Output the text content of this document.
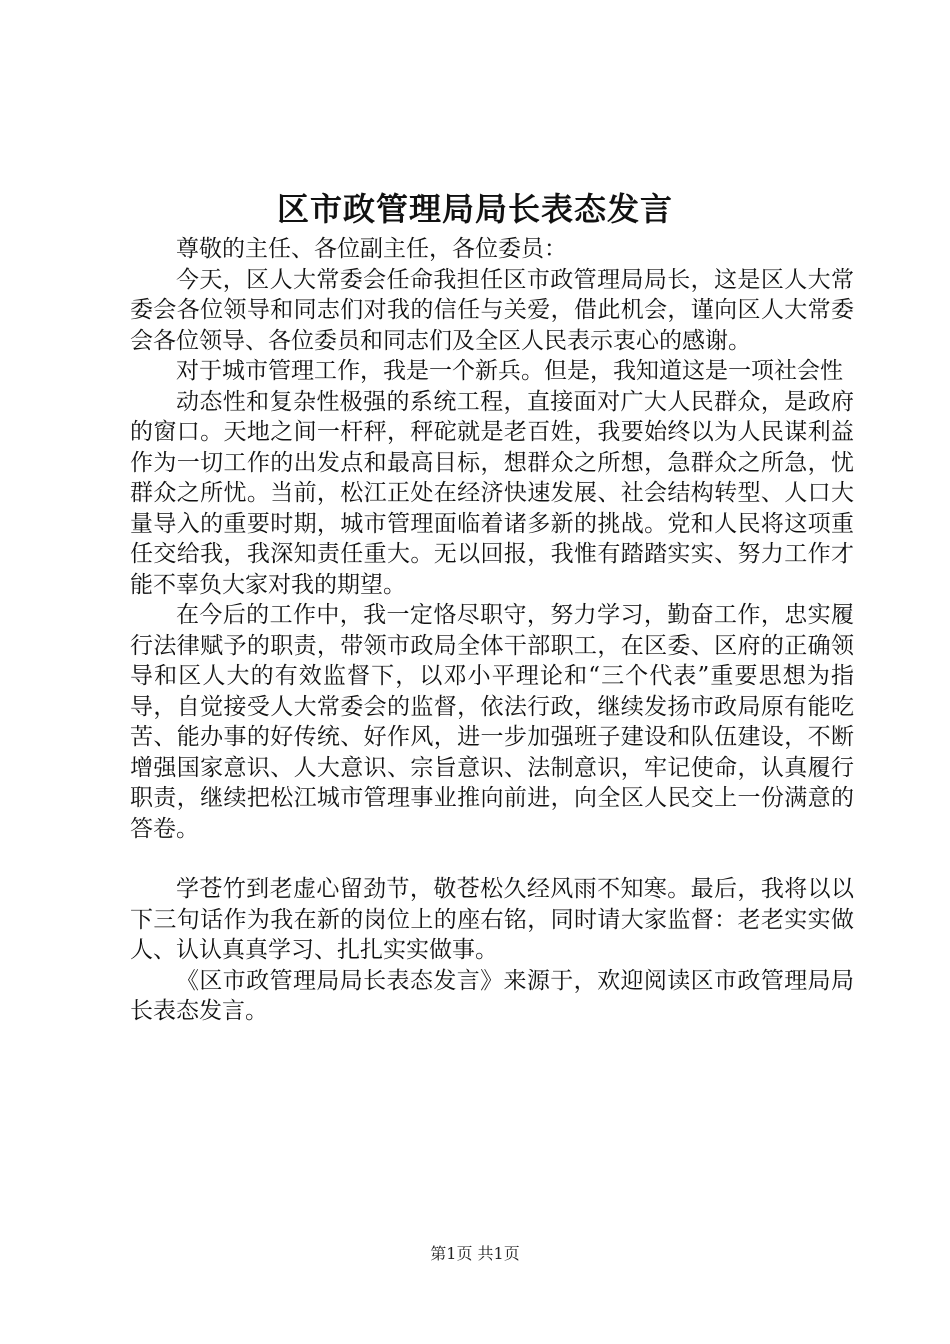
区市政管理局局长表态发言

尊敬的主任、各位副主任，各位委员：

今天，区人大常委会任命我担任区市政管理局局长，这是区人大常委会各位领导和同志们对我的信任与关爱，借此机会，谨向区人大常委会各位领导、各位委员和同志们及全区人民表示衷心的感谢。

对于城市管理工作，我是一个新兵。但是，我知道这是一项社会性

动态性和复杂性极强的系统工程，直接面对广大人民群众，是政府的窗口。天地之间一杆秤，秤砣就是老百姓，我要始终以为人民谋利益作为一切工作的出发点和最高目标，想群众之所想，急群众之所急，忧群众之所忧。当前，松江正处在经济快速发展、社会结构转型、人口大量导入的重要时期，城市管理面临着诸多新的挑战。党和人民将这项重任交给我，我深知责任重大。无以回报，我惟有踏踏实实、努力工作才能不辜负大家对我的期望。

在今后的工作中，我一定恪尽职守，努力学习，勤奋工作，忠实履行法律赋予的职责，带领市政局全体干部职工，在区委、区府的正确领导和区人大的有效监督下，以邓小平理论和“三个代表”重要思想为指导，自觉接受人大常委会的监督，依法行政，继续发扬市政局原有能吃苦、能办事的好传统、好作风，进一步加强班子建设和队伍建设，不断增强国家意识、人大意识、宗旨意识、法制意识，牢记使命，认真履行职责，继续把松江城市管理事业推向前进，向全区人民交上一份满意的答卷。

学苍竹到老虚心留劲节，敬苍松久经风雨不知寒。最后，我将以以下三句话作为我在新的岗位上的座右铭，同时请大家监督：老老实实做人、认认真真学习、扎扎实实做事。

《区市政管理局局长表态发言》来源于，欢迎阅读区市政管理局局长表态发言。

第1页 共1页
